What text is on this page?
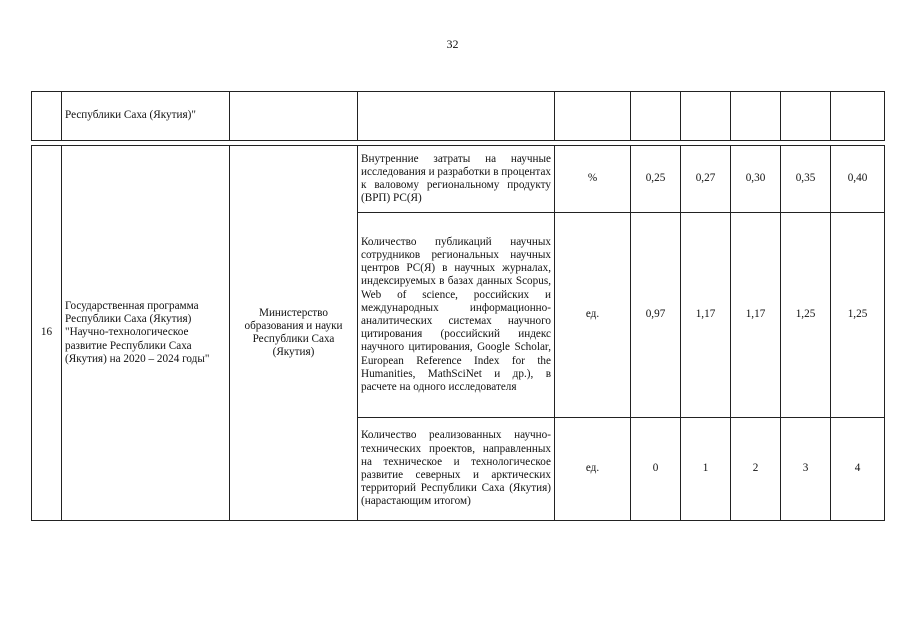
32
	Республики Саха (Якутия)"								

16	Государственная программа Республики Саха (Якутия) "Научно-технологическое развитие Республики Саха (Якутия) на 2020 – 2024 годы"	Министерство образования и науки Республики Саха (Якутия)	Внутренние затраты на научные исследования и разработки в процентах к валовому региональному продукту (ВРП) РС(Я)	%	0,25	0,27	0,30	0,35	0,40
			Количество публикаций научных сотрудников региональных научных центров РС(Я) в научных журналах, индексируемых в базах данных Scopus, Web of science, российских и международных информационно-аналитических системах научного цитирования (российский индекс научного цитирования, Google Scholar, European Reference Index for the Humanities, MathSciNet и др.), в расчете на одного исследователя	ед.	0,97	1,17	1,17	1,25	1,25
			Количество реализованных научно-технических проектов, направленных на техническое и технологическое развитие северных и арктических территорий Республики Саха (Якутия) (нарастающим итогом)	ед.	0	1	2	3	4
